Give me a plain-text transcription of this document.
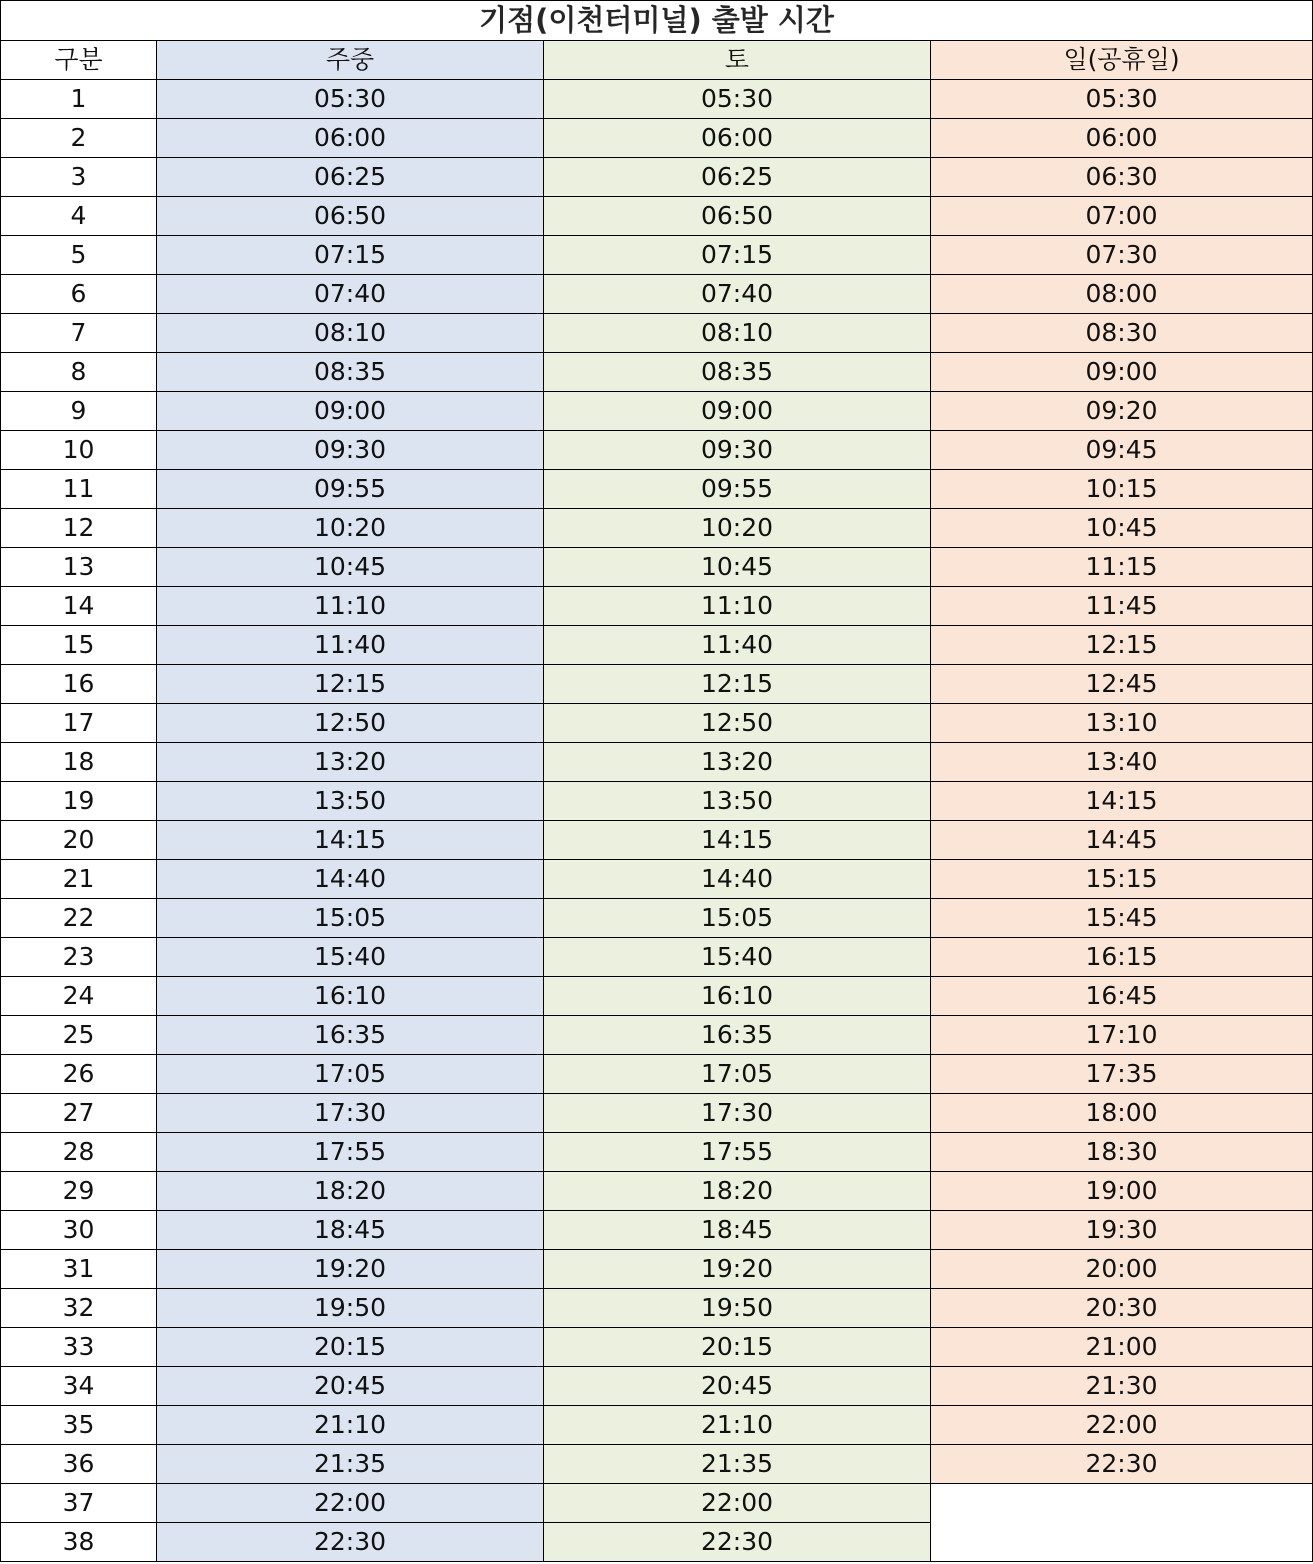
기점(이천터미널) 출발 시간			
구분	주중	토	일(공휴일)
1	05:30	05:30	05:30
2	06:00	06:00	06:00
3	06:25	06:25	06:30
4	06:50	06:50	07:00
5	07:15	07:15	07:30
6	07:40	07:40	08:00
7	08:10	08:10	08:30
8	08:35	08:35	09:00
9	09:00	09:00	09:20
10	09:30	09:30	09:45
11	09:55	09:55	10:15
12	10:20	10:20	10:45
13	10:45	10:45	11:15
14	11:10	11:10	11:45
15	11:40	11:40	12:15
16	12:15	12:15	12:45
17	12:50	12:50	13:10
18	13:20	13:20	13:40
19	13:50	13:50	14:15
20	14:15	14:15	14:45
21	14:40	14:40	15:15
22	15:05	15:05	15:45
23	15:40	15:40	16:15
24	16:10	16:10	16:45
25	16:35	16:35	17:10
26	17:05	17:05	17:35
27	17:30	17:30	18:00
28	17:55	17:55	18:30
29	18:20	18:20	19:00
30	18:45	18:45	19:30
31	19:20	19:20	20:00
32	19:50	19:50	20:30
33	20:15	20:15	21:00
34	20:45	20:45	21:30
35	21:10	21:10	22:00
36	21:35	21:35	22:30
37	22:00	22:00	
38	22:30	22:30	
